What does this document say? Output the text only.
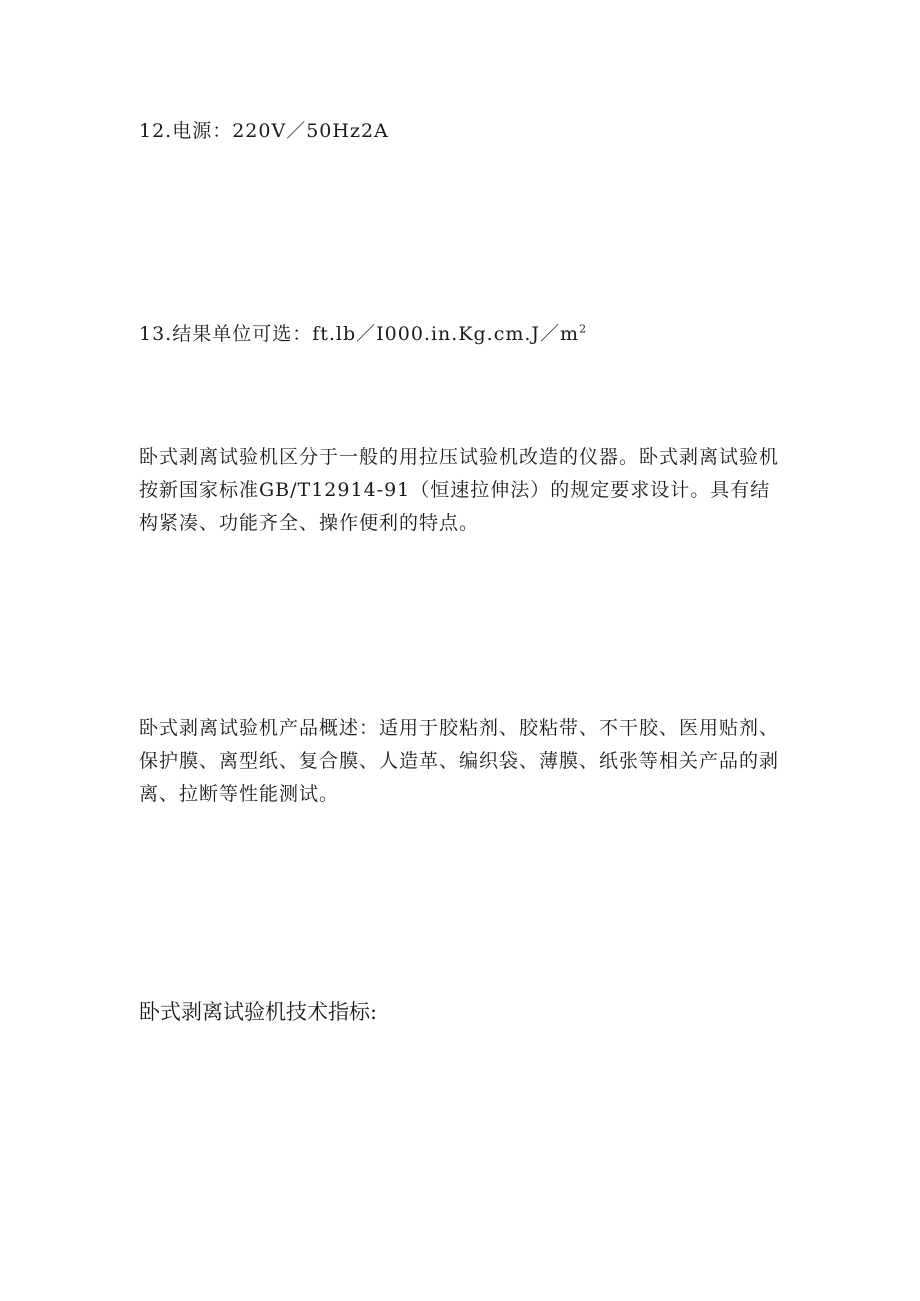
12.电源：220V／50Hz2A

13.结果单位可选：$ft.lb/I000.in.Kg.cm.J/m^2$

卧式剥离试验机区分于一般的用拉压试验机改造的仪器。卧式剥离试验机按新国家标准GB/T12914-91（恒速拉伸法）的规定要求设计。具有结构紧凑、功能齐全、操作便利的特点。

卧式剥离试验机产品概述：适用于胶粘剂、胶粘带、不干胶、医用贴剂、保护膜、离型纸、复合膜、人造革、编织袋、薄膜、纸张等相关产品的剥离、拉断等性能测试。

卧式剥离试验机技术指标:
